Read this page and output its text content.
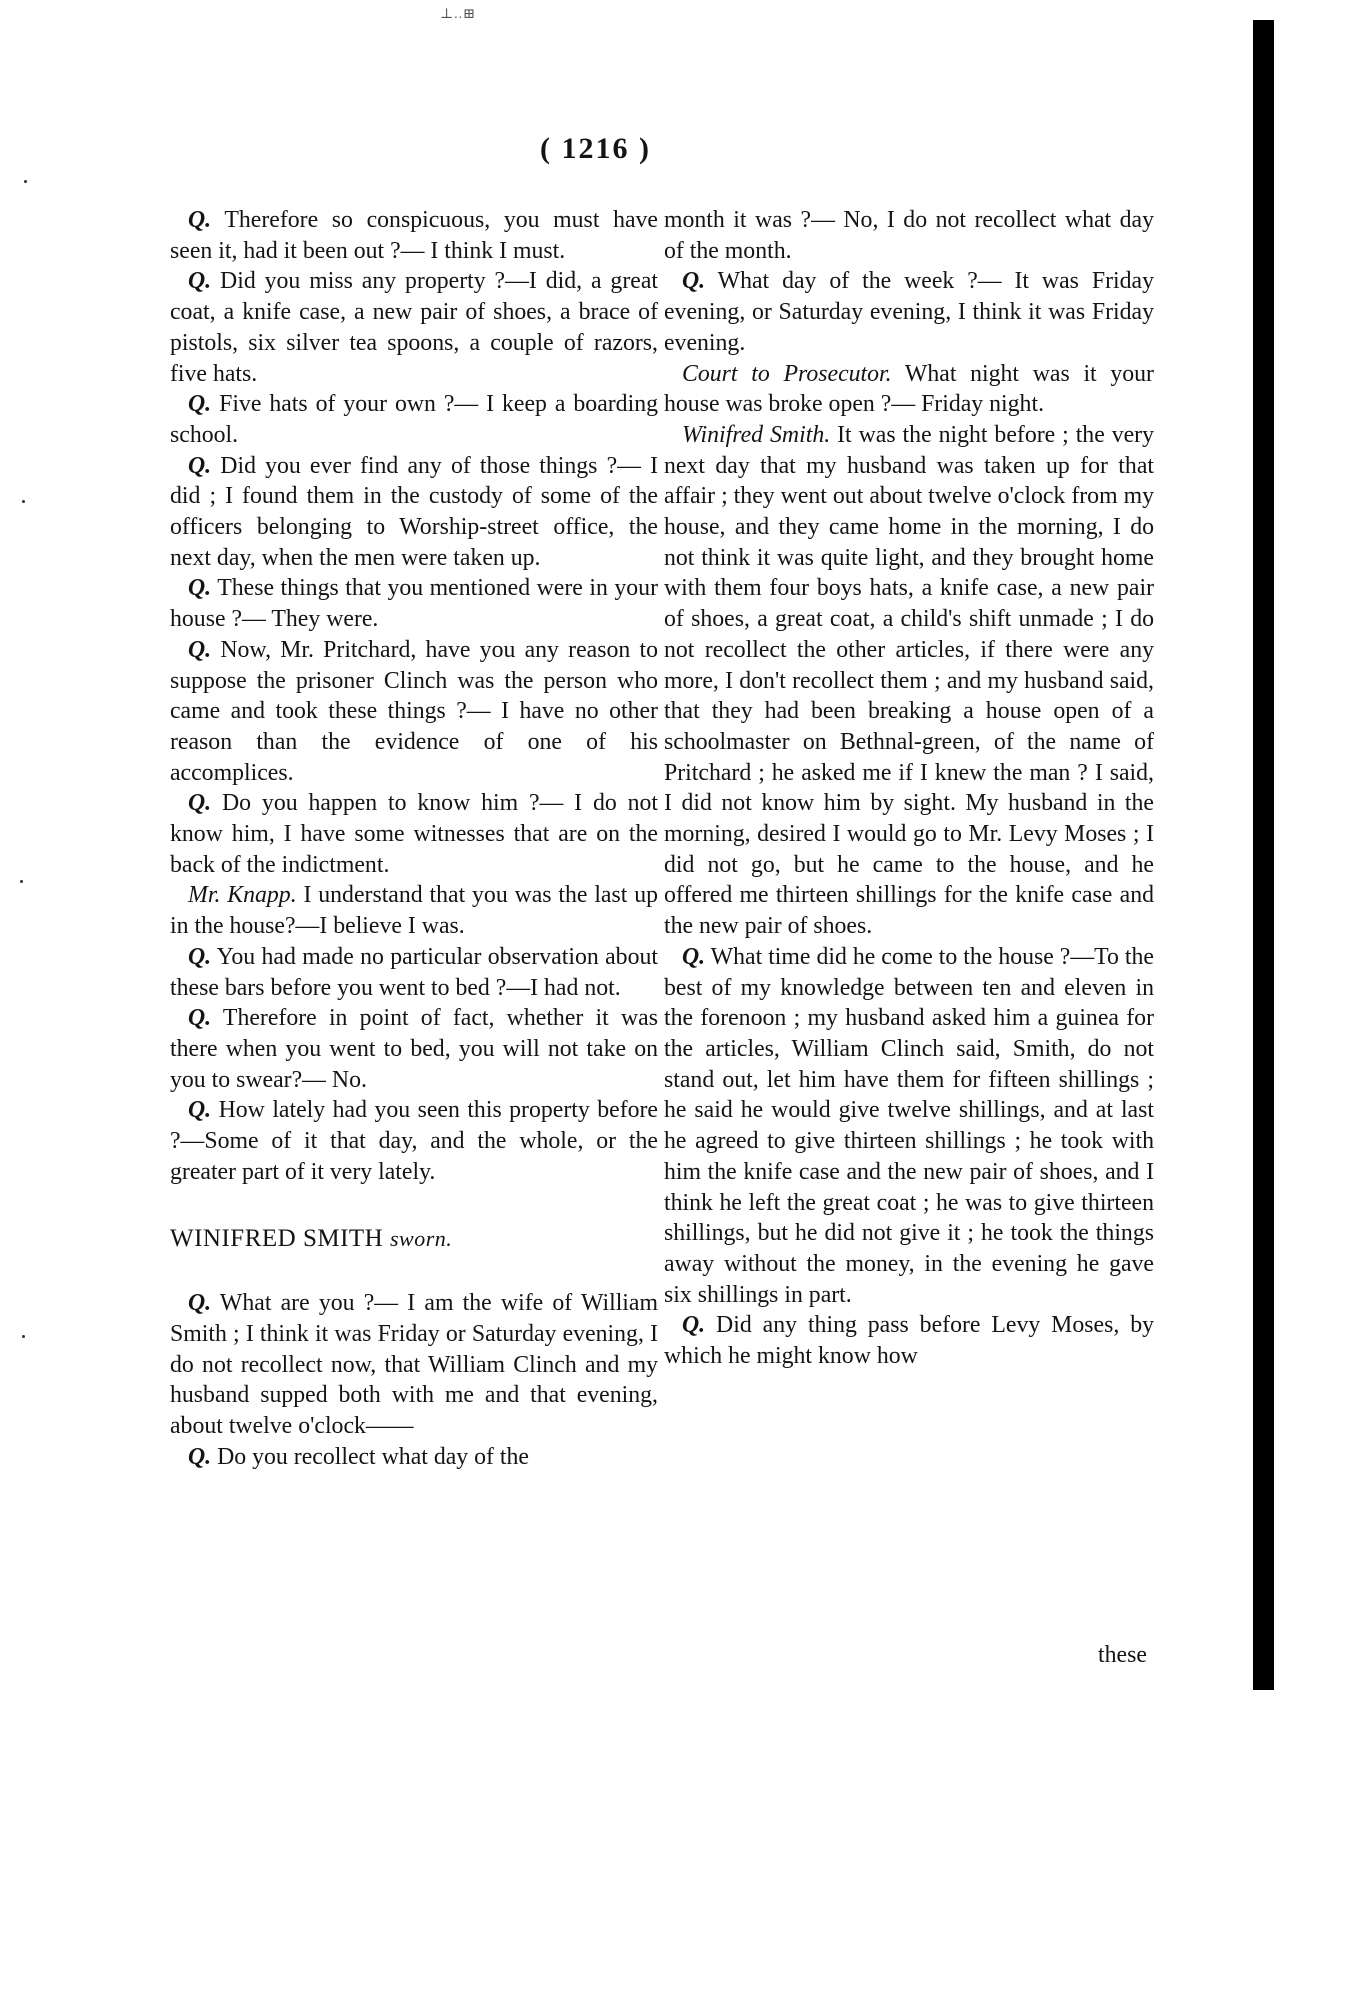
⊥..⊞
( 1216 )

Q. Therefore so conspicuous, you must have seen it, had it been out ?— I think I must.

Q. Did you miss any property ?—I did, a great coat, a knife case, a new pair of shoes, a brace of pistols, six silver tea spoons, a couple of razors, five hats.

Q. Five hats of your own ?— I keep a boarding school.

Q. Did you ever find any of those things ?— I did ; I found them in the custody of some of the officers belonging to Worship-street office, the next day, when the men were taken up.

Q. These things that you mentioned were in your house ?— They were.

Q. Now, Mr. Pritchard, have you any reason to suppose the prisoner Clinch was the person who came and took these things ?— I have no other reason than the evidence of one of his accomplices.

Q. Do you happen to know him ?— I do not know him, I have some witnesses that are on the back of the indictment.

Mr. Knapp. I understand that you was the last up in the house?—I believe I was.

Q. You had made no particular observation about these bars before you went to bed ?—I had not.

Q. Therefore in point of fact, whether it was there when you went to bed, you will not take on you to swear?— No.

Q. How lately had you seen this property before ?—Some of it that day, and the whole, or the greater part of it very lately.

WINIFRED SMITH sworn.

Q. What are you ?— I am the wife of William Smith ; I think it was Friday or Saturday evening, I do not recollect now, that William Clinch and my husband supped both with me and that evening, about twelve o'clock——

Q. Do you recollect what day of the

month it was ?— No, I do not recollect what day of the month.

Q. What day of the week ?— It was Friday evening, or Saturday evening, I think it was Friday evening.

Court to Prosecutor. What night was it your house was broke open ?— Friday night.

Winifred Smith. It was the night before ; the very next day that my husband was taken up for that affair ; they went out about twelve o'clock from my house, and they came home in the morning, I do not think it was quite light, and they brought home with them four boys hats, a knife case, a new pair of shoes, a great coat, a child's shift unmade ; I do not recollect the other articles, if there were any more, I don't recollect them ; and my husband said, that they had been breaking a house open of a schoolmaster on Bethnal-green, of the name of Pritchard ; he asked me if I knew the man ? I said, I did not know him by sight. My husband in the morning, desired I would go to Mr. Levy Moses ; I did not go, but he came to the house, and he offered me thirteen shillings for the knife case and the new pair of shoes.

Q. What time did he come to the house ?—To the best of my knowledge between ten and eleven in the forenoon ; my husband asked him a guinea for the articles, William Clinch said, Smith, do not stand out, let him have them for fifteen shillings ; he said he would give twelve shillings, and at last he agreed to give thirteen shillings ; he took with him the knife case and the new pair of shoes, and I think he left the great coat ; he was to give thirteen shillings, but he did not give it ; he took the things away without the money, in the evening he gave six shillings in part.

Q. Did any thing pass before Levy Moses, by which he might know how

these
